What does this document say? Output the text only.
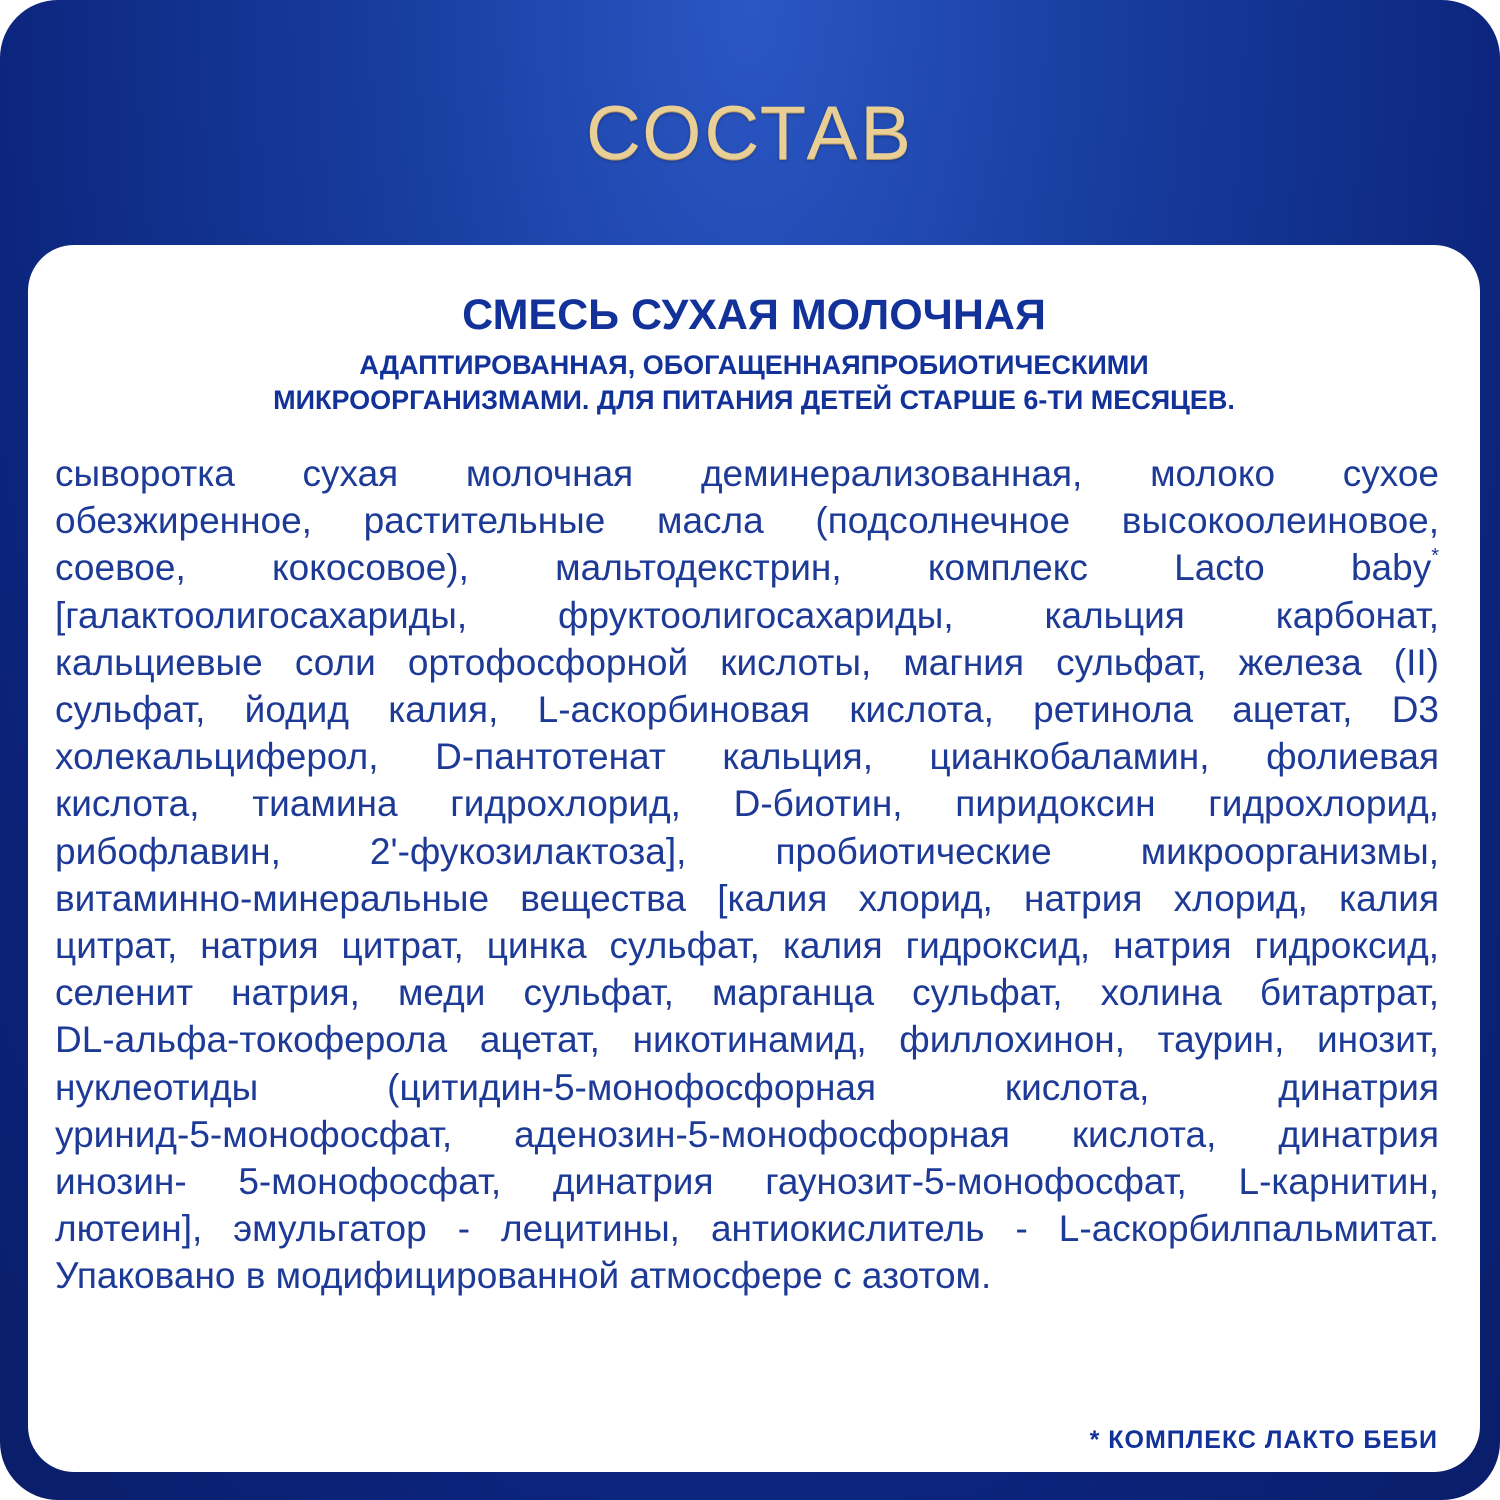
СОСТАВ
СМЕСЬ СУХАЯ МОЛОЧНАЯ
АДАПТИРОВАННАЯ, ОБОГАЩЕННАЯПРОБИОТИЧЕСКИМИ
МИКРООРГАНИЗМАМИ. ДЛЯ ПИТАНИЯ ДЕТЕЙ СТАРШЕ 6-ТИ МЕСЯЦЕВ.
сыворотка сухая молочная деминерализованная, молоко сухое
обезжиренное, растительные масла (подсолнечное высокоолеиновое,
соевое, кокосовое), мальтодекстрин, комплекс Lacto baby*
[галактоолигосахариды, фруктоолигосахариды, кальция карбонат,
кальциевые соли ортофосфорной кислоты, магния сульфат, железа (II)
сульфат, йодид калия, L-аскорбиновая кислота, ретинола ацетат, D3
холекальциферол, D-пантотенат кальция, цианкобаламин, фолиевая
кислота, тиамина гидрохлорид, D-биотин, пиридоксин гидрохлорид,
рибофлавин, 2'-фукозилактоза], пробиотические микроорганизмы,
витаминно-минеральные вещества [калия хлорид, натрия хлорид, калия
цитрат, натрия цитрат, цинка сульфат, калия гидроксид, натрия гидроксид,
селенит натрия, меди сульфат, марганца сульфат, холина битартрат,
DL-альфа-токоферола ацетат, никотинамид, филлохинон, таурин, инозит,
нуклеотиды (цитидин-5-монофосфорная кислота, динатрия
уринид-5-монофосфат, аденозин-5-монофосфорная кислота, динатрия
инозин- 5-монофосфат, динатрия гаунозит-5-монофосфат, L-карнитин,
лютеин], эмульгатор - лецитины, антиокислитель - L-аскорбилпальмитат.
Упаковано в модифицированной атмосфере с азотом.
* КОМПЛЕКС ЛАКТО БЕБИ
